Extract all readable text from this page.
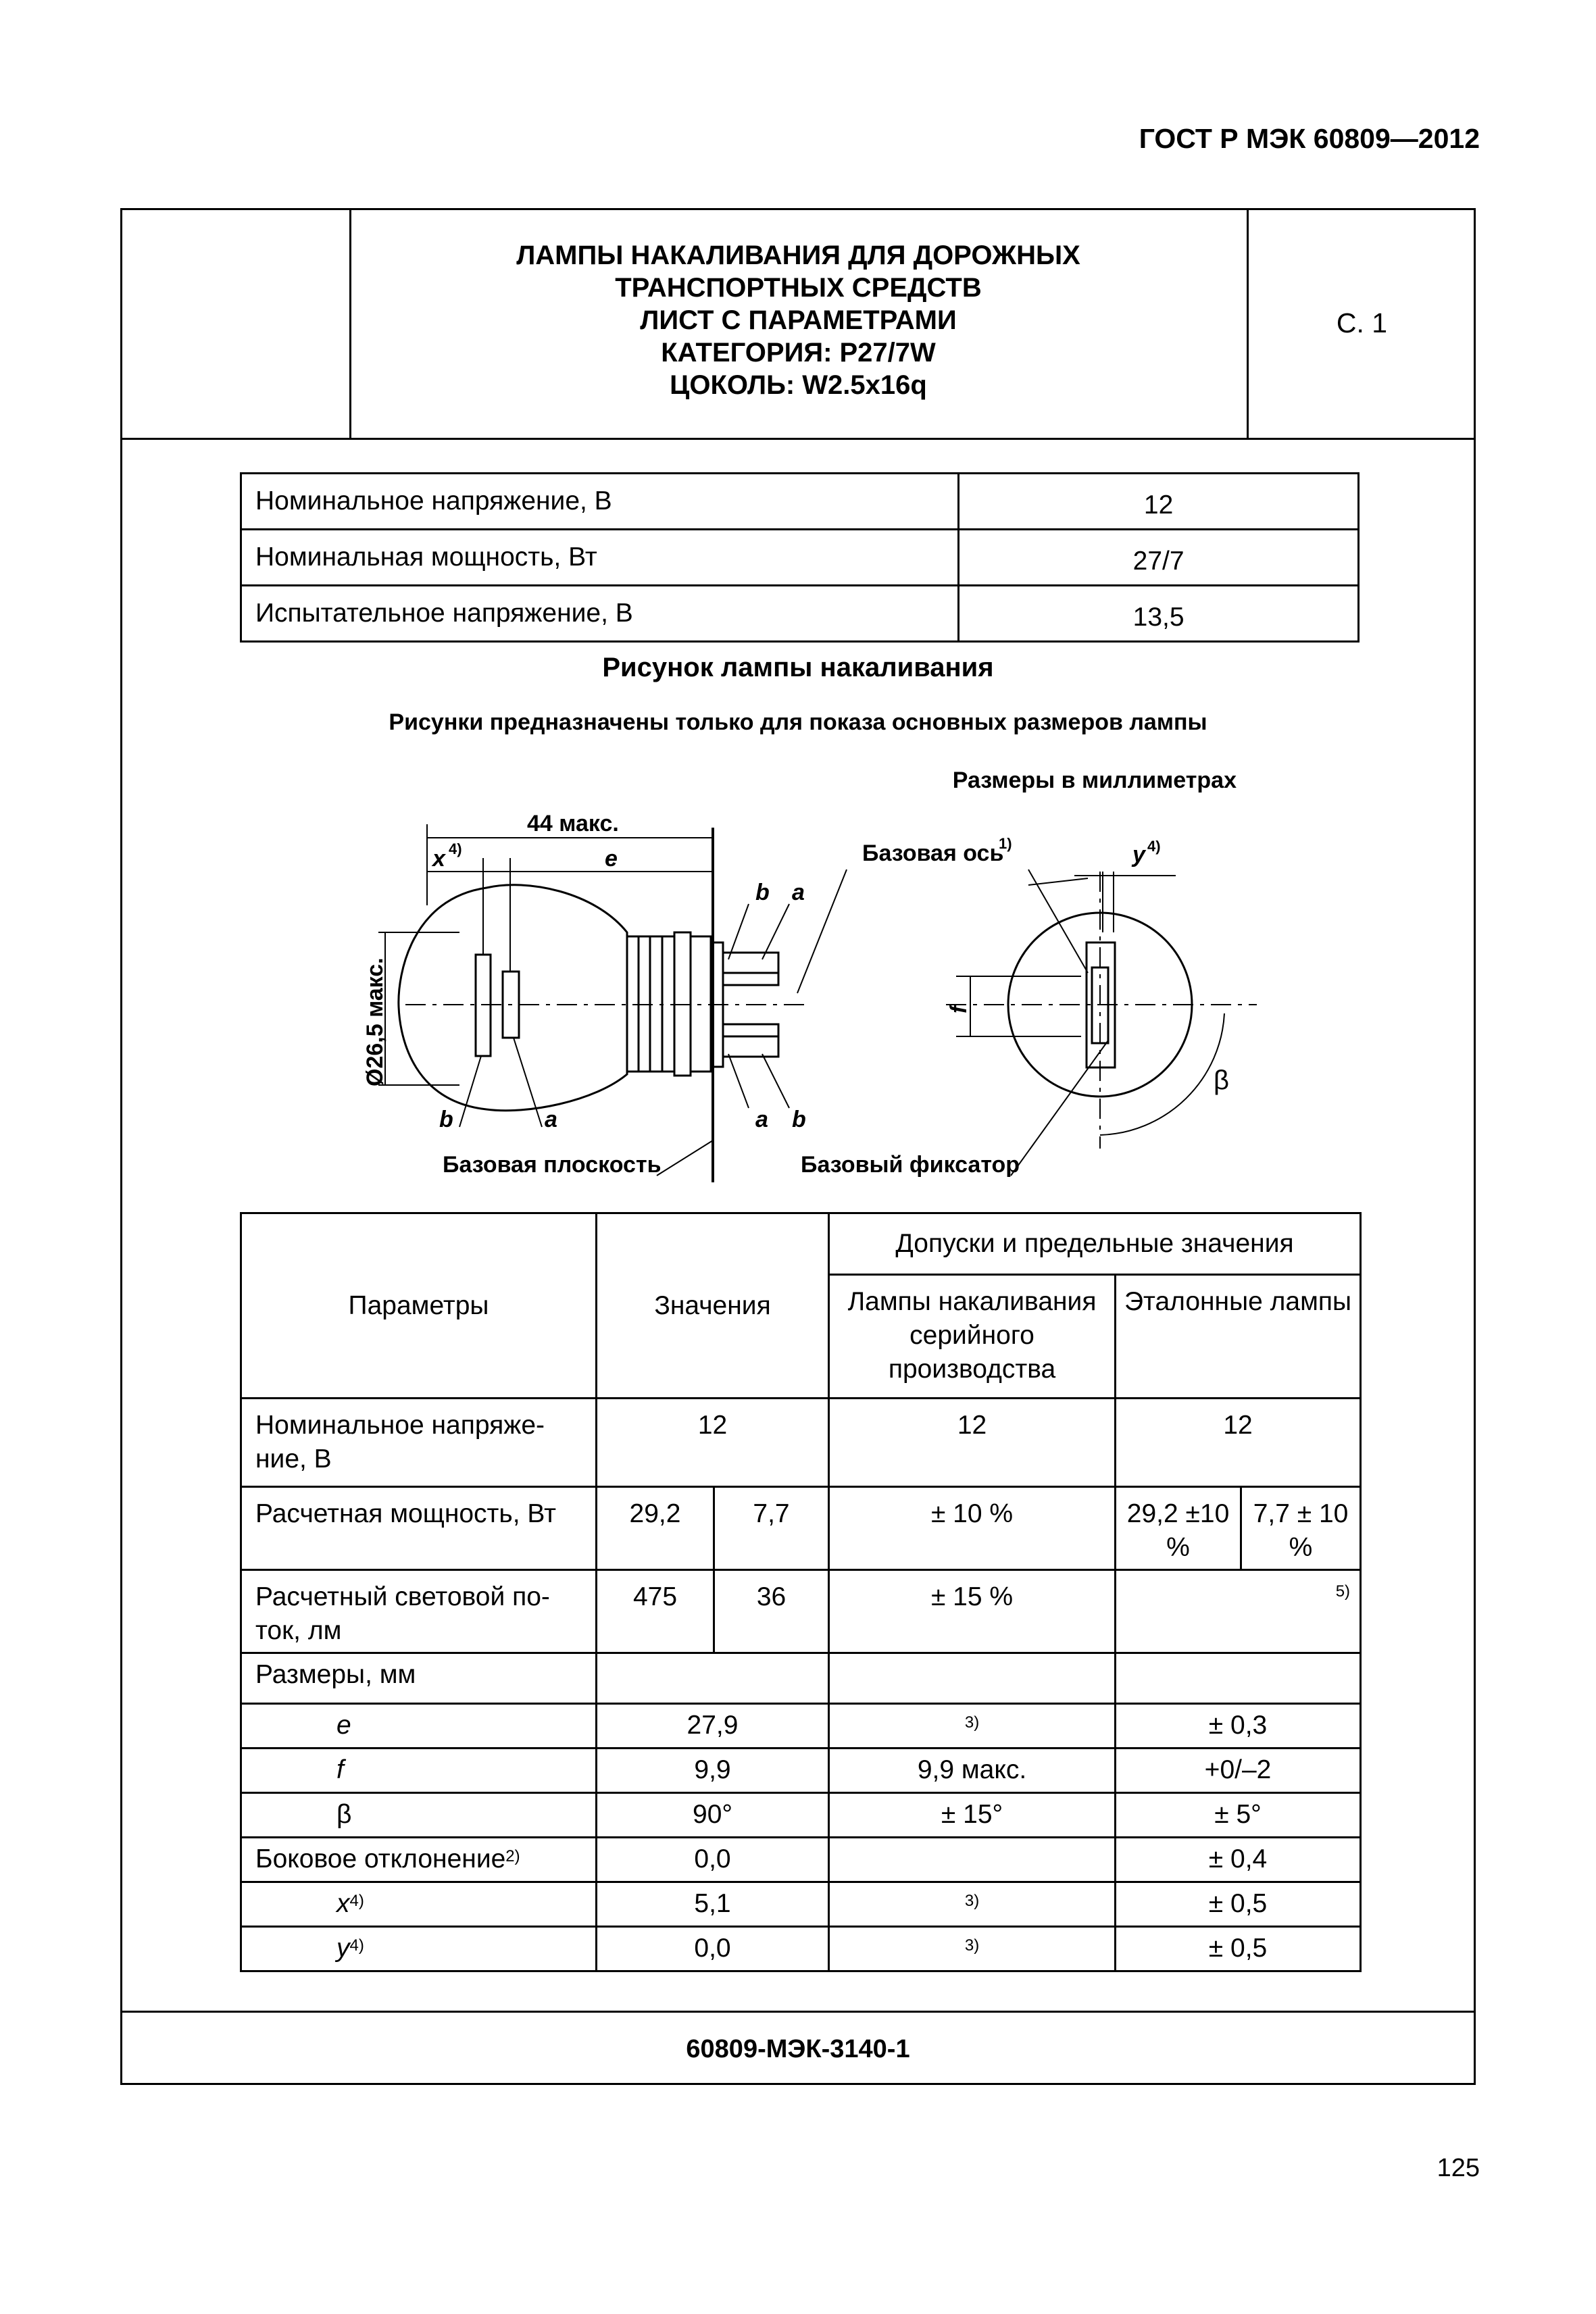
ГОСТ Р МЭК 60809—2012
ЛАМПЫ НАКАЛИВАНИЯ ДЛЯ ДОРОЖНЫХ
ТРАНСПОРТНЫХ СРЕДСТВ
ЛИСТ С ПАРАМЕТРАМИ
КАТЕГОРИЯ: P27/7W
ЦОКОЛЬ: W2.5x16q
С. 1
Номинальное напряжение, В	12
Номинальная мощность, Вт	27/7
Испытательное напряжение, В	13,5
Рисунок лампы накаливания
Рисунки предназначены только для показа основных размеров лампы
Размеры в миллиметрах
44 макс.
x 4)	e
Ø26,5 макс.
b	a
b a
a b
Базовая ось
1)	y 4)
f
β
Базовая плоскость	Базовый фиксатор
Параметры	Значения		Допуски и предельные значения		
			Лампы накаливания серийного производства	Эталонные лампы	
Номинальное напряже-ние, В	12		12	12	
Расчетная мощность, Вт	29,2	7,7	± 10 %	29,2 ±10 %	7,7 ± 10 %
Расчетный световой по-ток, лм	475	36	± 15 %	5)	
Размеры, мм					
e	27,9		3)	± 0,3	
f	9,9		9,9 макс.	+0/–2	
β	90°		± 15°	± 5°	
Боковое отклонение$^{2)}$	0,0			± 0,4	
$x^{4)}$	5,1		3)	± 0,5	
$y^{4)}$	0,0		3)	± 0,5	
60809-МЭК-3140-1
125
